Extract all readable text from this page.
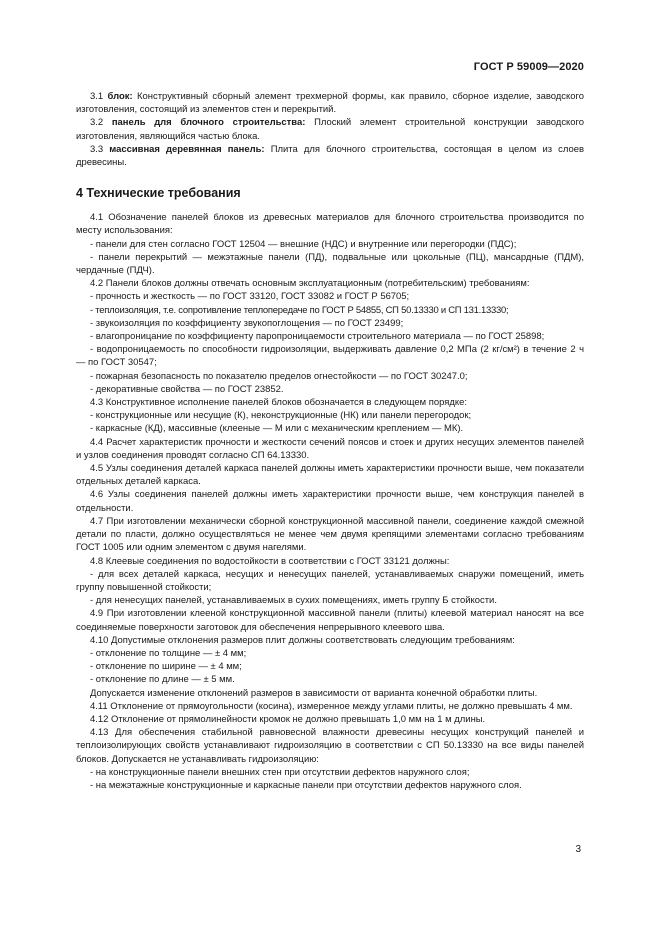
ГОСТ Р 59009—2020

3.1 блок: Конструктивный сборный элемент трехмерной формы, как правило, сборное изделие, заводского изготовления, состоящий из элементов стен и перекрытий.

3.2 панель для блочного строительства: Плоский элемент строительной конструкции заводского изготовления, являющийся частью блока.

3.3 массивная деревянная панель: Плита для блочного строительства, состоящая в целом из слоев древесины.

4 Технические требования

4.1 Обозначение панелей блоков из древесных материалов для блочного строительства производится по месту использования:

- панели для стен согласно ГОСТ 12504 — внешние (НДС) и внутренние или перегородки (ПДС);

- панели перекрытий — межэтажные панели (ПД), подвальные или цокольные (ПЦ), мансардные (ПДМ), чердачные (ПДЧ).

4.2 Панели блоков должны отвечать основным эксплуатационным (потребительским) требованиям:

- прочность и жесткость — по ГОСТ 33120, ГОСТ 33082 и ГОСТ Р 56705;

- теплоизоляция, т.е. сопротивление теплопередаче по ГОСТ Р 54855, СП 50.13330 и СП 131.13330;

- звукоизоляция по коэффициенту звукопоглощения — по ГОСТ 23499;

- влагопроницание по коэффициенту паропроницаемости строительного материала — по ГОСТ 25898;

- водопроницаемость по способности гидроизоляции, выдерживать давление 0,2 МПа (2 кг/см²) в течение 2 ч — по ГОСТ 30547;

- пожарная безопасность по показателю пределов огнестойкости — по ГОСТ 30247.0;

- декоративные свойства — по ГОСТ 23852.

4.3 Конструктивное исполнение панелей блоков обозначается в следующем порядке:

- конструкционные или несущие (К), неконструкционные (НК) или панели перегородок;

- каркасные (КД), массивные (клееные — М или с механическим креплением — МК).

4.4 Расчет характеристик прочности и жесткости сечений поясов и стоек и других несущих элементов панелей и узлов соединения проводят согласно СП 64.13330.

4.5 Узлы соединения деталей каркаса панелей должны иметь характеристики прочности выше, чем показатели отдельных деталей каркаса.

4.6 Узлы соединения панелей должны иметь характеристики прочности выше, чем конструкция панелей в отдельности.

4.7 При изготовлении механически сборной конструкционной массивной панели, соединение каждой смежной детали по пласти, должно осуществляться не менее чем двумя крепящими элементами согласно требованиям ГОСТ 1005 или одним элементом с двумя нагелями.

4.8 Клеевые соединения по водостойкости в соответствии с ГОСТ 33121 должны:

- для всех деталей каркаса, несущих и ненесущих панелей, устанавливаемых снаружи помещений, иметь группу повышенной стойкости;

- для ненесущих панелей, устанавливаемых в сухих помещениях, иметь группу Б стойкости.

4.9 При изготовлении клееной конструкционной массивной панели (плиты) клеевой материал наносят на все соединяемые поверхности заготовок для обеспечения непрерывного клеевого шва.

4.10 Допустимые отклонения размеров плит должны соответствовать следующим требованиям:

- отклонение по толщине — ± 4 мм;

- отклонение по ширине — ± 4 мм;

- отклонение по длине — ± 5 мм.

Допускается изменение отклонений размеров в зависимости от варианта конечной обработки плиты.

4.11 Отклонение от прямоугольности (косина), измеренное между углами плиты, не должно превышать 4 мм.

4.12 Отклонение от прямолинейности кромок не должно превышать 1,0 мм на 1 м длины.

4.13 Для обеспечения стабильной равновесной влажности древесины несущих конструкций панелей и теплоизолирующих свойств устанавливают гидроизоляцию в соответствии с СП 50.13330 на все виды панелей блоков. Допускается не устанавливать гидроизоляцию:

- на конструкционные панели внешних стен при отсутствии дефектов наружного слоя;

- на межэтажные конструкционные и каркасные панели при отсутствии дефектов наружного слоя.

3
